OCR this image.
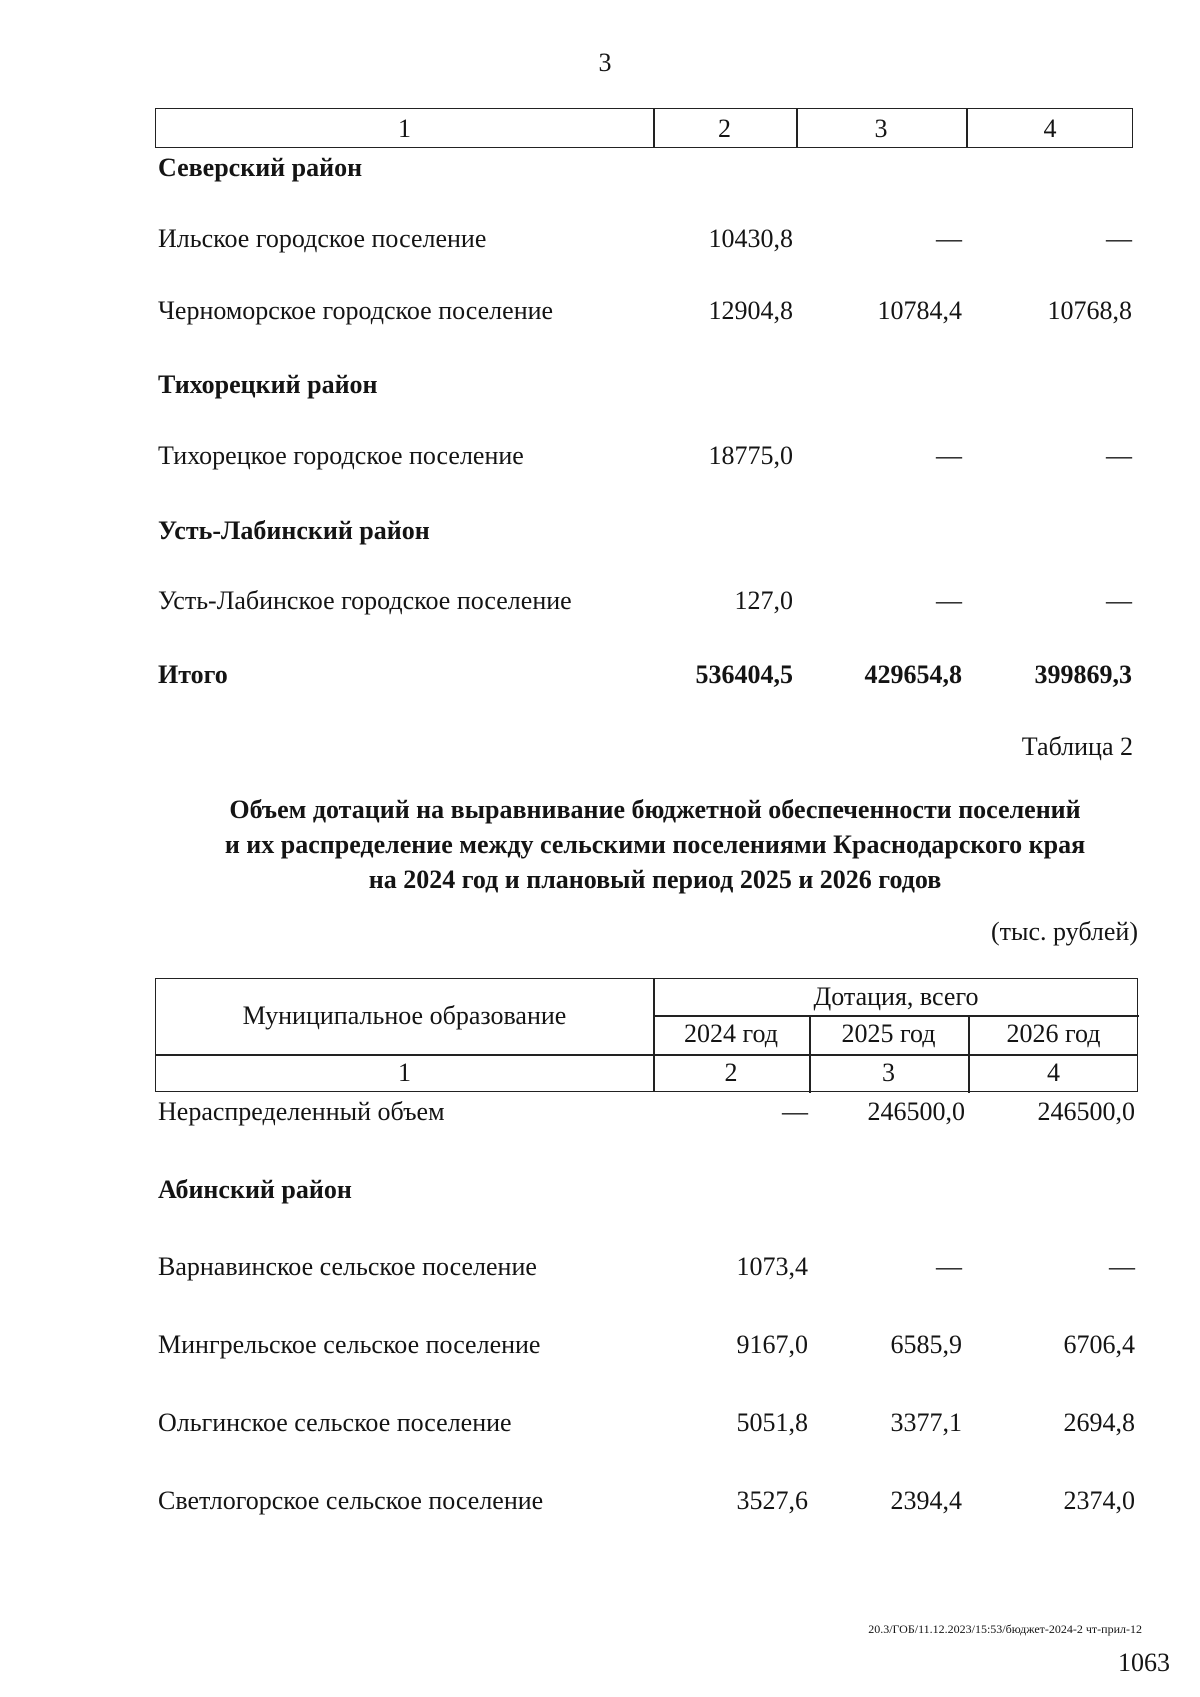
3
1	2	3	4
Северский район
Ильское городское поселение	10430,8	—	—
Черноморское городское поселение	12904,8	10784,4	10768,8
Тихорецкий район
Тихорецкое городское поселение	18775,0	—	—
Усть-Лабинский район
Усть-Лабинское городское поселение	127,0	—	—
Итого	536404,5	429654,8	399869,3
Таблица 2
Объем дотаций на выравнивание бюджетной обеспеченности поселений
и их распределение между сельскими поселениями Краснодарского края
на 2024 год и плановый период 2025 и 2026 годов
(тыс. рублей)
Муниципальное образование
Дотация, всего
2024 год	2025 год	2026 год
1	2	3	4
Нераспределенный объем	—	246500,0	246500,0
Абинский район
Варнавинское сельское поселение	1073,4	—	—
Мингрельское сельское поселение	9167,0	6585,9	6706,4
Ольгинское сельское поселение	5051,8	3377,1	2694,8
Светлогорское сельское поселение	3527,6	2394,4	2374,0
20.3/ГОБ/11.12.2023/15:53/бюджет-2024-2 чт-прил-12
1063
